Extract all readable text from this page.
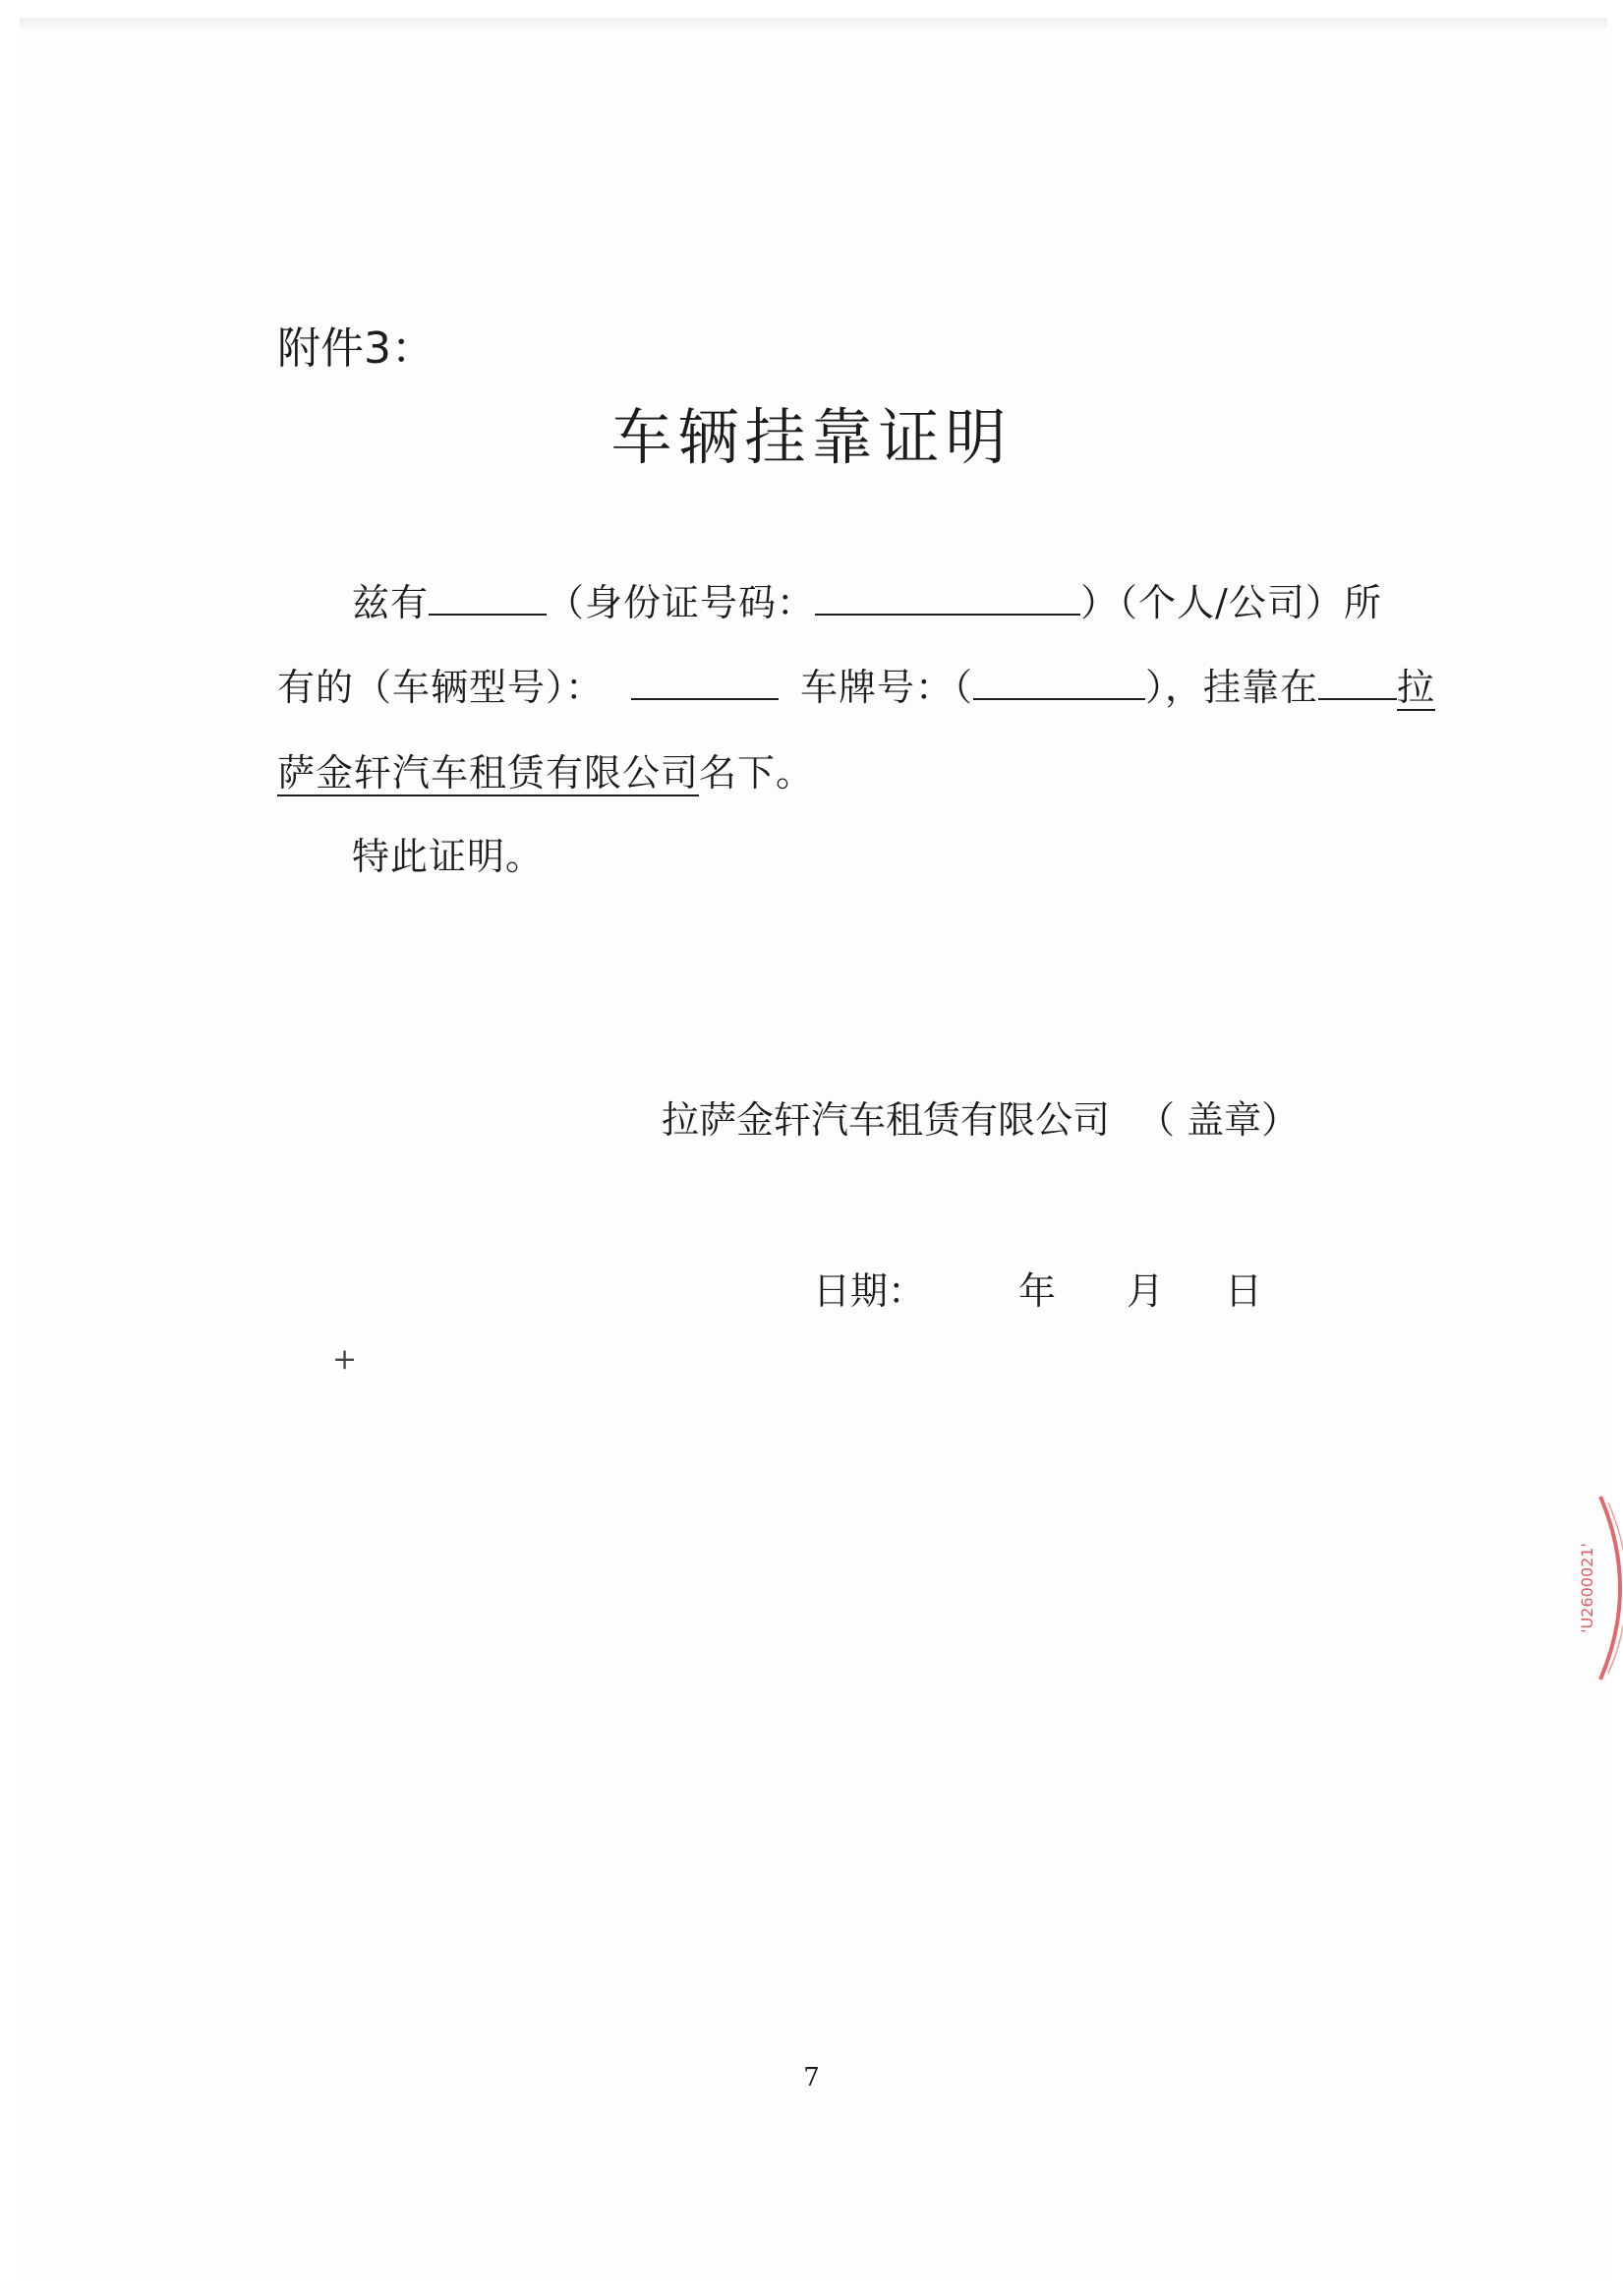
附件3：
车辆挂靠证明
兹有	（身份证号码：	）（个人/公司）所
有的（车辆型号）：	车牌号：（	），挂靠在 拉
萨金轩汽车租赁有限公司名下。
特此证明。
拉萨金轩汽车租赁有限公司 （ 盖章）
日期：	年 月 日
+
7
'U2600021'
